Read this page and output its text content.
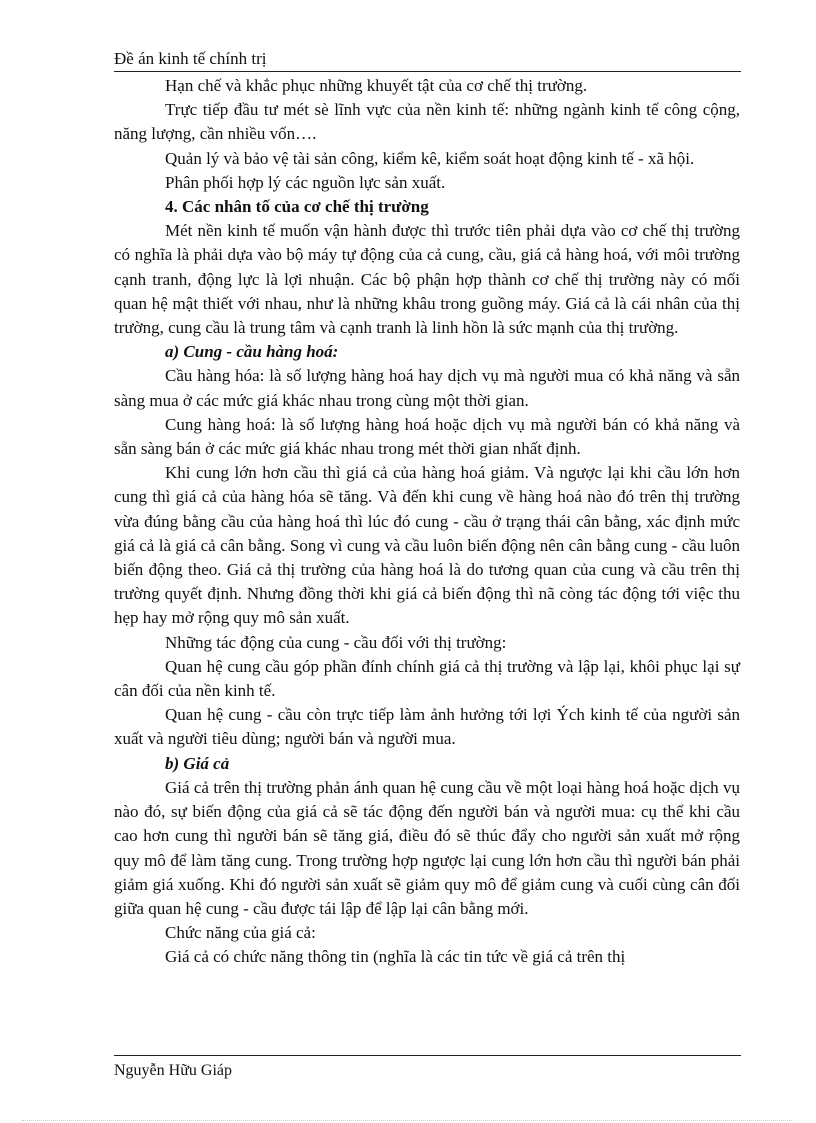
Đề án kinh tế chính trị

Hạn chế và khắc phục những khuyết tật của cơ chế thị trường.

Trực tiếp đầu tư mét sè lĩnh vực của nền kinh tế: những ngành kinh tế công cộng, năng lượng, cần nhiều vốn….

Quản lý và bảo vệ tài sản công, kiểm kê, kiểm soát hoạt động kinh tế - xã hội.

Phân phối hợp lý các nguồn lực sản xuất.

4. Các nhân tố của cơ chế thị trường

Mét nền kinh tế muốn vận hành được thì trước tiên phải dựa vào cơ chế thị trường có nghĩa là phải dựa vào bộ máy tự động của cả cung, cầu, giá cả hàng hoá, với môi trường cạnh tranh, động lực là lợi nhuận. Các bộ phận hợp thành cơ chế thị trường này có mối quan hệ mật thiết với nhau, như là những khâu trong guồng máy. Giá cả là cái nhân của thị trường, cung cầu là trung tâm và cạnh tranh là linh hồn là sức mạnh của thị trường.

a) Cung - cầu hàng hoá:

Cầu hàng hóa: là số lượng hàng hoá hay dịch vụ mà người mua có khả năng và sẵn sàng mua ở các mức giá khác nhau trong cùng một thời gian.

Cung hàng hoá: là số lượng hàng hoá hoặc dịch vụ mà người bán có khả năng và sẵn sàng bán ở các mức giá khác nhau trong mét thời gian nhất định.

Khi cung lớn hơn cầu thì giá cả của hàng hoá giảm. Và ngược lại khi cầu lớn hơn cung thì giá cả của hàng hóa sẽ tăng. Và đến khi cung về hàng hoá nào đó trên thị trường vừa đúng bằng cầu của hàng hoá thì lúc đó cung - cầu ở trạng thái cân bằng, xác định mức giá cả là giá cả cân bằng. Song vì cung và cầu luôn biến động nên cân bằng cung - cầu luôn biến động theo. Giá cả thị trường của hàng hoá là do tương quan của cung và cầu trên thị trường quyết định. Nhưng đồng thời khi giá cả biến động thì nã còng tác động tới việc thu hẹp hay mở rộng quy mô sản xuất.

Những tác động của cung - cầu đối với thị trường:

Quan hệ cung cầu góp phần đính chính giá cả thị trường và lập lại, khôi phục lại sự cân đối của nền kinh tế.

Quan hệ cung - cầu còn trực tiếp làm ảnh hưởng tới lợi Ých kinh tế của người sản xuất và người tiêu dùng; người bán và người mua.

b) Giá cả

Giá cả trên thị trường phản ánh quan hệ cung cầu về một loại hàng hoá hoặc dịch vụ nào đó, sự biến động của giá cả sẽ tác động đến người bán và người mua: cụ thể khi cầu cao hơn cung thì người bán sẽ tăng giá, điều đó sẽ thúc đẩy cho người sản xuất mở rộng quy mô để làm tăng cung. Trong trường hợp ngược lại cung lớn hơn cầu thì người bán phải giảm giá xuống. Khi đó người sản xuất sẽ giảm quy mô để giảm cung và cuối cùng cân đối giữa quan hệ cung - cầu được tái lập để lập lại cân bằng mới.

Chức năng của giá cả:

Giá cả có chức năng thông tin (nghĩa là các tin tức về giá cả trên thị

Nguyễn Hữu Giáp
